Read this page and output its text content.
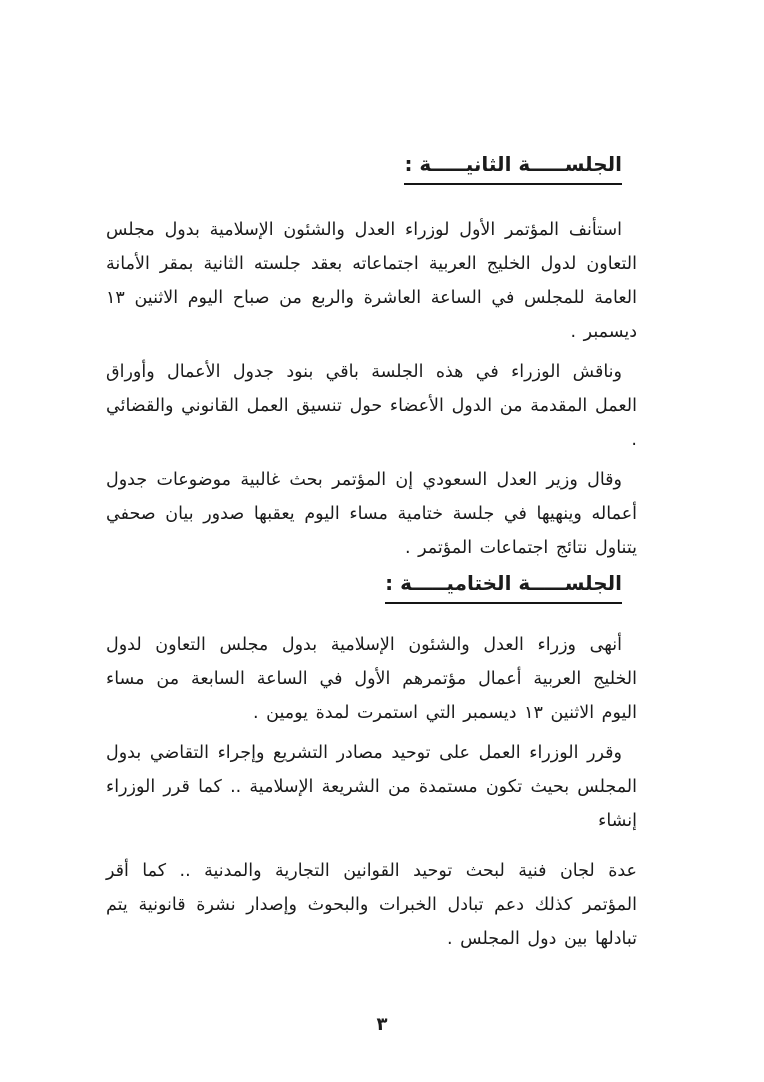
الجلســـــة الثانيـــــة :

استأنف المؤتمر الأول لوزراء العدل والشئون الإسلامية بدول مجلس التعاون لدول الخليج العربية اجتماعاته بعقد جلسته الثانية بمقر الأمانة العامة للمجلس في الساعة العاشرة والربع من صباح اليوم الاثنين ١٣ ديسمبر .

وناقش الوزراء في هذه الجلسة باقي بنود جدول الأعمال وأوراق العمل المقدمة من الدول الأعضاء حول تنسيق العمل القانوني والقضائي .

وقال وزير العدل السعودي إن المؤتمر بحث غالبية موضوعات جدول أعماله وينهيها في جلسة ختامية مساء اليوم يعقبها صدور بيان صحفي يتناول نتائج اجتماعات المؤتمر .

الجلســـــة الختاميـــــة :

أنهى وزراء العدل والشئون الإسلامية بدول مجلس التعاون لدول الخليج العربية أعمال مؤتمرهم الأول في الساعة السابعة من مساء اليوم الاثنين ١٣ ديسمبر التي استمرت لمدة يومين .

وقرر الوزراء العمل على توحيد مصادر التشريع وإجراء التقاضي بدول المجلس بحيث تكون مستمدة من الشريعة الإسلامية .. كما قرر الوزراء إنشاء

عدة لجان فنية لبحث توحيد القوانين التجارية والمدنية .. كما أقر المؤتمر كذلك دعم تبادل الخبرات والبحوث وإصدار نشرة قانونية يتم تبادلها بين دول المجلس .

٣
